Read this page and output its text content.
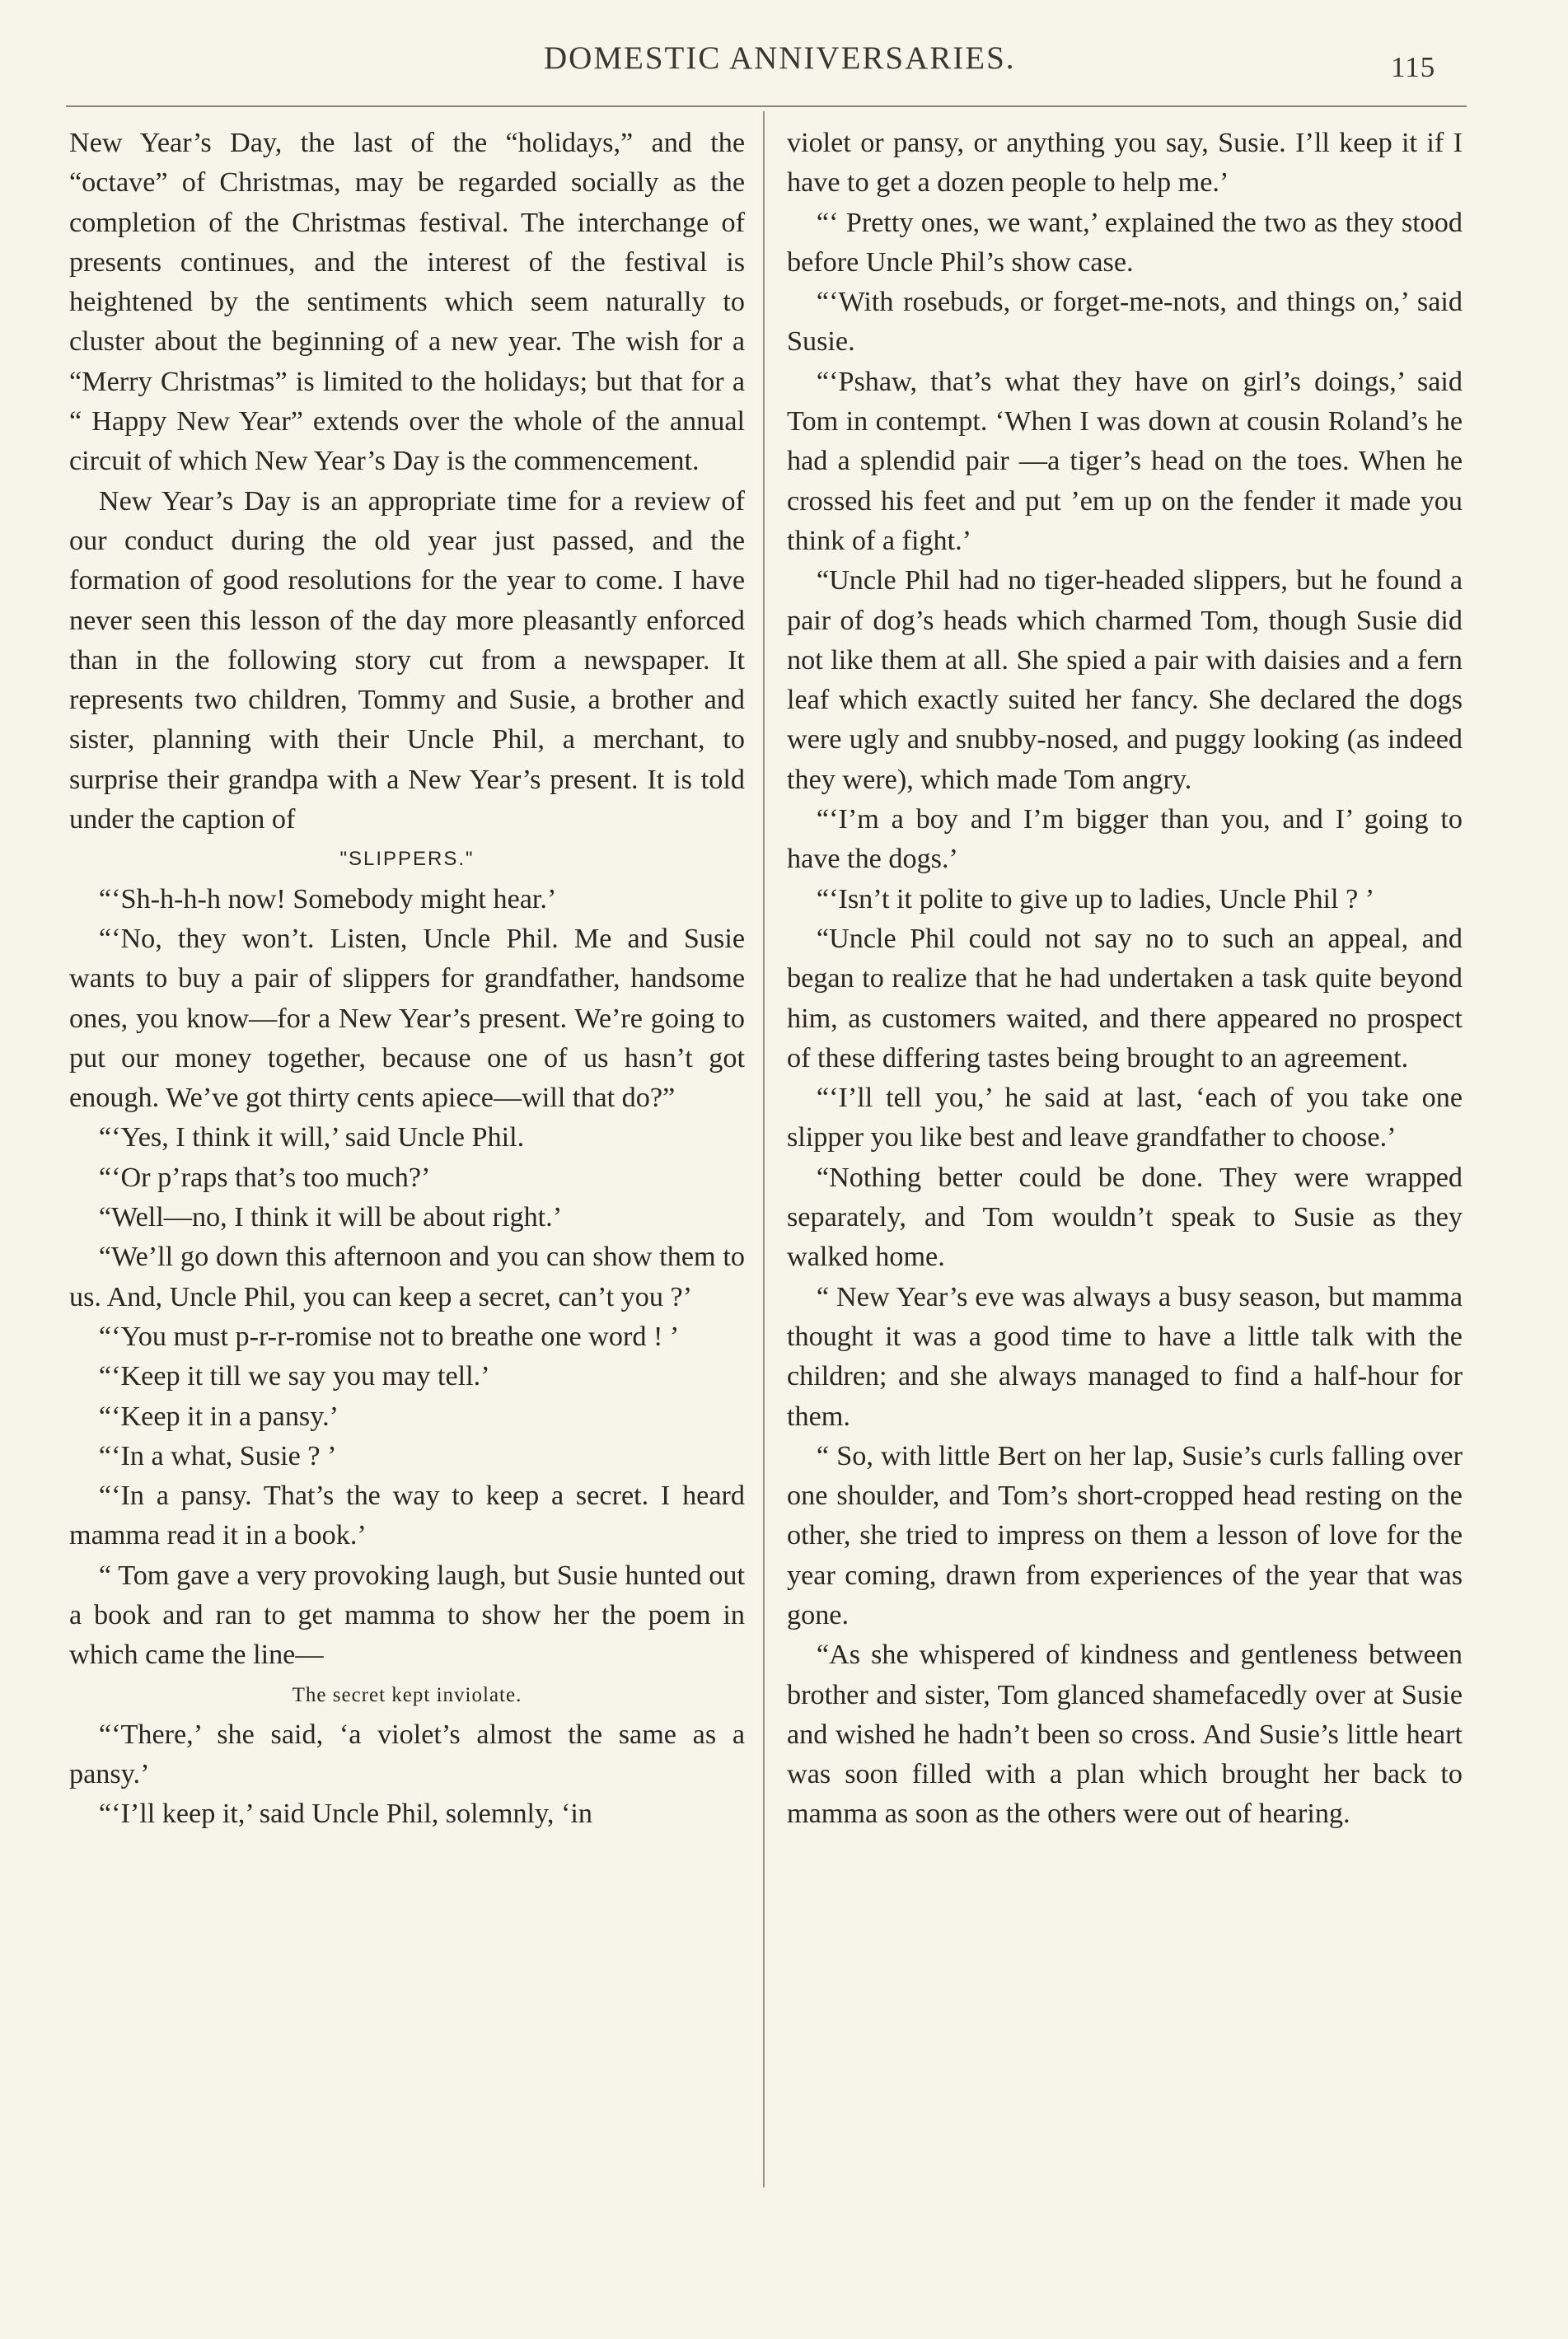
DOMESTIC ANNIVERSARIES.	115

New Year’s Day, the last of the “holidays,” and the “octave” of Christmas, may be regarded socially as the completion of the Christmas festival. The interchange of presents continues, and the interest of the festival is heightened by the sentiments which seem naturally to cluster about the beginning of a new year. The wish for a “Merry Christmas” is limited to the holidays; but that for a “ Happy New Year” extends over the whole of the annual circuit of which New Year’s Day is the commencement.

New Year’s Day is an appropriate time for a review of our conduct during the old year just passed, and the formation of good resolutions for the year to come. I have never seen this lesson of the day more pleasantly enforced than in the following story cut from a newspaper. It represents two children, Tommy and Susie, a brother and sister, planning with their Uncle Phil, a merchant, to surprise their grandpa with a New Year’s present. It is told under the caption of

"SLIPPERS."

“‘Sh-h-h-h now! Somebody might hear.’

“‘No, they won’t. Listen, Uncle Phil. Me and Susie wants to buy a pair of slippers for grandfather, handsome ones, you know—for a New Year’s present. We’re going to put our money together, because one of us hasn’t got enough. We’ve got thirty cents apiece—will that do?”

“‘Yes, I think it will,’ said Uncle Phil.

“‘Or p’raps that’s too much?’

“Well—no, I think it will be about right.’

“We’ll go down this afternoon and you can show them to us. And, Uncle Phil, you can keep a secret, can’t you ?’

“‘You must p-r-r-romise not to breathe one word ! ’

“‘Keep it till we say you may tell.’

“‘Keep it in a pansy.’

“‘In a what, Susie ? ’

“‘In a pansy. That’s the way to keep a secret. I heard mamma read it in a book.’

“ Tom gave a very provoking laugh, but Susie hunted out a book and ran to get mamma to show her the poem in which came the line—

The secret kept inviolate.

“‘There,’ she said, ‘a violet’s almost the same as a pansy.’

“‘I’ll keep it,’ said Uncle Phil, solemnly, ‘in

violet or pansy, or anything you say, Susie. I’ll keep it if I have to get a dozen people to help me.’

“‘ Pretty ones, we want,’ explained the two as they stood before Uncle Phil’s show case.

“‘With rosebuds, or forget-me-nots, and things on,’ said Susie.

“‘Pshaw, that’s what they have on girl’s doings,’ said Tom in contempt. ‘When I was down at cousin Roland’s he had a splendid pair —a tiger’s head on the toes. When he crossed his feet and put ’em up on the fender it made you think of a fight.’

“Uncle Phil had no tiger-headed slippers, but he found a pair of dog’s heads which charmed Tom, though Susie did not like them at all. She spied a pair with daisies and a fern leaf which exactly suited her fancy. She declared the dogs were ugly and snubby-nosed, and puggy looking (as indeed they were), which made Tom angry.

“‘I’m a boy and I’m bigger than you, and I’ going to have the dogs.’

“‘Isn’t it polite to give up to ladies, Uncle Phil ? ’

“Uncle Phil could not say no to such an appeal, and began to realize that he had undertaken a task quite beyond him, as customers waited, and there appeared no prospect of these differing tastes being brought to an agreement.

“‘I’ll tell you,’ he said at last, ‘each of you take one slipper you like best and leave grandfather to choose.’

“Nothing better could be done. They were wrapped separately, and Tom wouldn’t speak to Susie as they walked home.

“ New Year’s eve was always a busy season, but mamma thought it was a good time to have a little talk with the children; and she always managed to find a half-hour for them.

“ So, with little Bert on her lap, Susie’s curls falling over one shoulder, and Tom’s short-cropped head resting on the other, she tried to impress on them a lesson of love for the year coming, drawn from experiences of the year that was gone.

“As she whispered of kindness and gentleness between brother and sister, Tom glanced shamefacedly over at Susie and wished he hadn’t been so cross. And Susie’s little heart was soon filled with a plan which brought her back to mamma as soon as the others were out of hearing.
